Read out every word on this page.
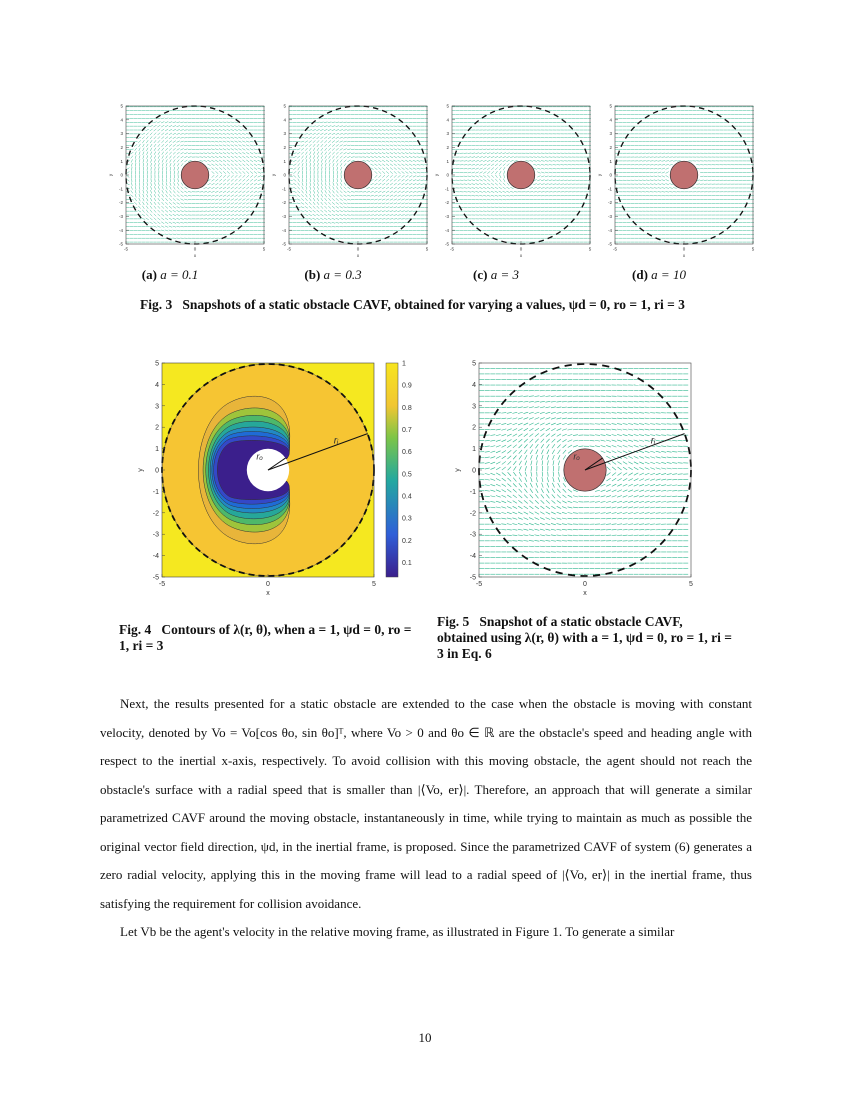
-5
-4
-3
-2
-1
0
1
2
3
4
5
-5	0	5
x
y
-5
-4
-3
-2
-1
0
1
2
3
4
5
-5	0	5
x
y
-5
-4
-3
-2
-1
0
1
2
3
4
5
-5	0	5
x
y
-5
-4
-3
-2
-1
0
1
2
3
4
5
-5	0	5
x
y
(a) a = 0.1	(b) a = 0.3	(c) a = 3	(d) a = 10
Fig. 3 Snapshots of a static obstacle CAVF, obtained for varying a values, ψd = 0, ro = 1, ri = 3
rᵢ
rₒ
-5
-4
-3
-2
-1
0
1
2
3
4
5
-5	0	5
x
y
0.1
0.2
0.3
0.4
0.5
0.6
0.7
0.8
0.9
1
rᵢ
rₒ
-5
-4
-3
-2
-1
0
1
2
3
4
5
-5	0	5
x
y
Fig. 4 Contours of λ(r, θ), when a = 1, ψd = 0, ro = 1, ri = 3
Fig. 5 Snapshot of a static obstacle CAVF, obtained using λ(r, θ) with a = 1, ψd = 0, ro = 1, ri = 3 in Eq. 6

Next, the results presented for a static obstacle are extended to the case when the obstacle is moving with constant velocity, denoted by Vo = Vo[cos θo, sin θo]ᵀ, where Vo > 0 and θo ∈ ℝ are the obstacle's speed and heading angle with respect to the inertial x-axis, respectively. To avoid collision with this moving obstacle, the agent should not reach the obstacle's surface with a radial speed that is smaller than |⟨Vo, er⟩|. Therefore, an approach that will generate a similar parametrized CAVF around the moving obstacle, instantaneously in time, while trying to maintain as much as possible the original vector field direction, ψd, in the inertial frame, is proposed. Since the parametrized CAVF of system (6) generates a zero radial velocity, applying this in the moving frame will lead to a radial speed of |⟨Vo, er⟩| in the inertial frame, thus satisfying the requirement for collision avoidance.

Let Vb be the agent's velocity in the relative moving frame, as illustrated in Figure 1. To generate a similar

10
